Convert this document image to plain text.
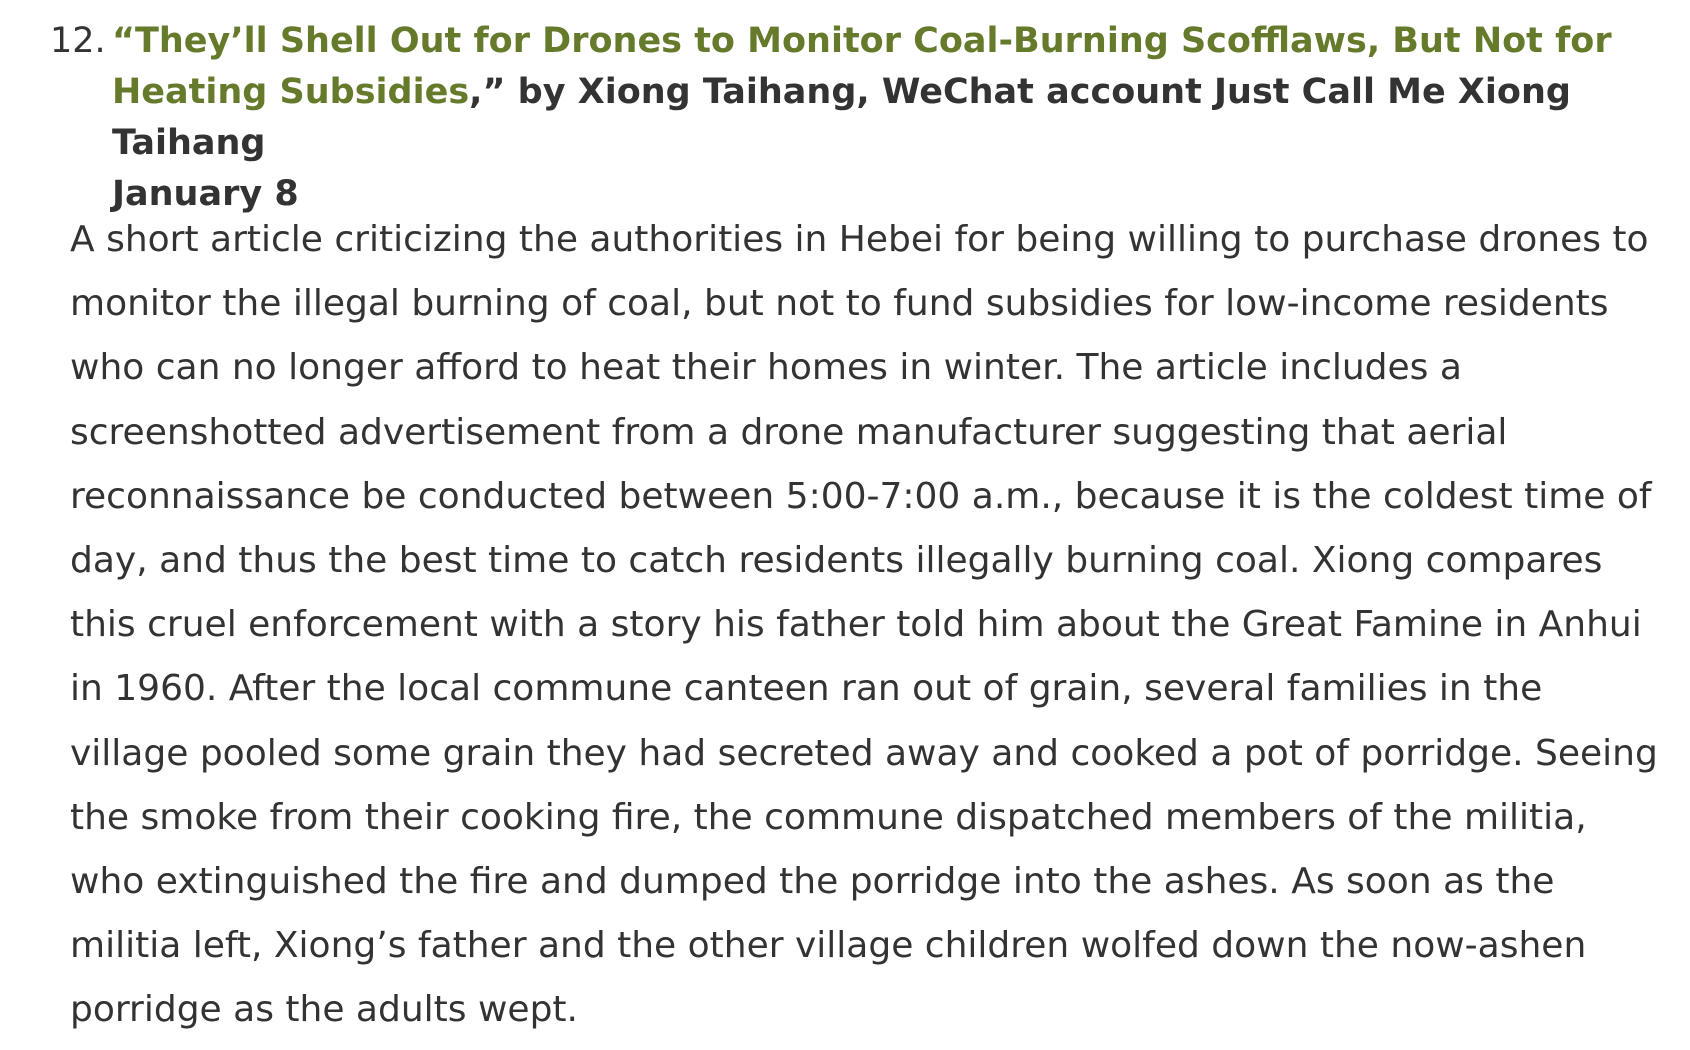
12. “They’ll Shell Out for Drones to Monitor Coal-Burning Scofflaws, But Not for Heating Subsidies,” by Xiong Taihang, WeChat account Just Call Me Xiong Taihang
January 8

A short article criticizing the authorities in Hebei for being willing to purchase drones to monitor the illegal burning of coal, but not to fund subsidies for low-income residents who can no longer afford to heat their homes in winter. The article includes a screenshotted advertisement from a drone manufacturer suggesting that aerial reconnaissance be conducted between 5:00-7:00 a.m., because it is the coldest time of day, and thus the best time to catch residents illegally burning coal. Xiong compares this cruel enforcement with a story his father told him about the Great Famine in Anhui in 1960. After the local commune canteen ran out of grain, several families in the village pooled some grain they had secreted away and cooked a pot of porridge. Seeing the smoke from their cooking fire, the commune dispatched members of the militia, who extinguished the fire and dumped the porridge into the ashes. As soon as the militia left, Xiong’s father and the other village children wolfed down the now-ashen porridge as the adults wept.
